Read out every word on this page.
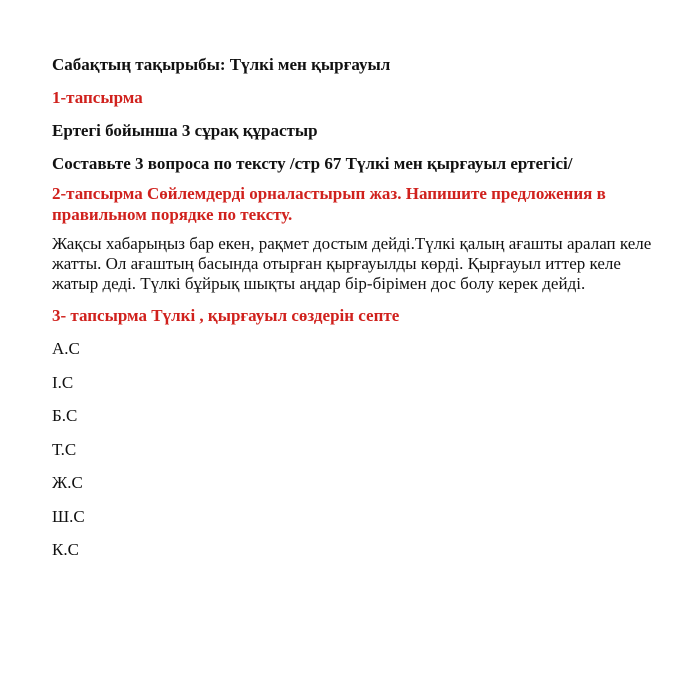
Сабақтың тақырыбы: Түлкі мен қырғауыл
1-тапсырма
Ертегі бойынша 3 сұрақ құрастыр
Составьте 3 вопроса по тексту /стр 67 Түлкі мен қырғауыл ертегісі/
2-тапсырма Сөйлемдерді орналастырып жаз. Напишите предложения в правильном порядке по тексту.
Жақсы хабарыңыз бар екен, рақмет достым дейді.Түлкі қалың ағашты аралап келе жатты. Ол ағаштың басында отырған қырғауылды көрді. Қырғауыл иттер келе жатыр деді. Түлкі бұйрық шықты аңдар бір-бірімен дос болу керек дейді.
3- тапсырма Түлкі , қырғауыл сөздерін септе
А.С
І.С
Б.С
Т.С
Ж.С
Ш.С
К.С
